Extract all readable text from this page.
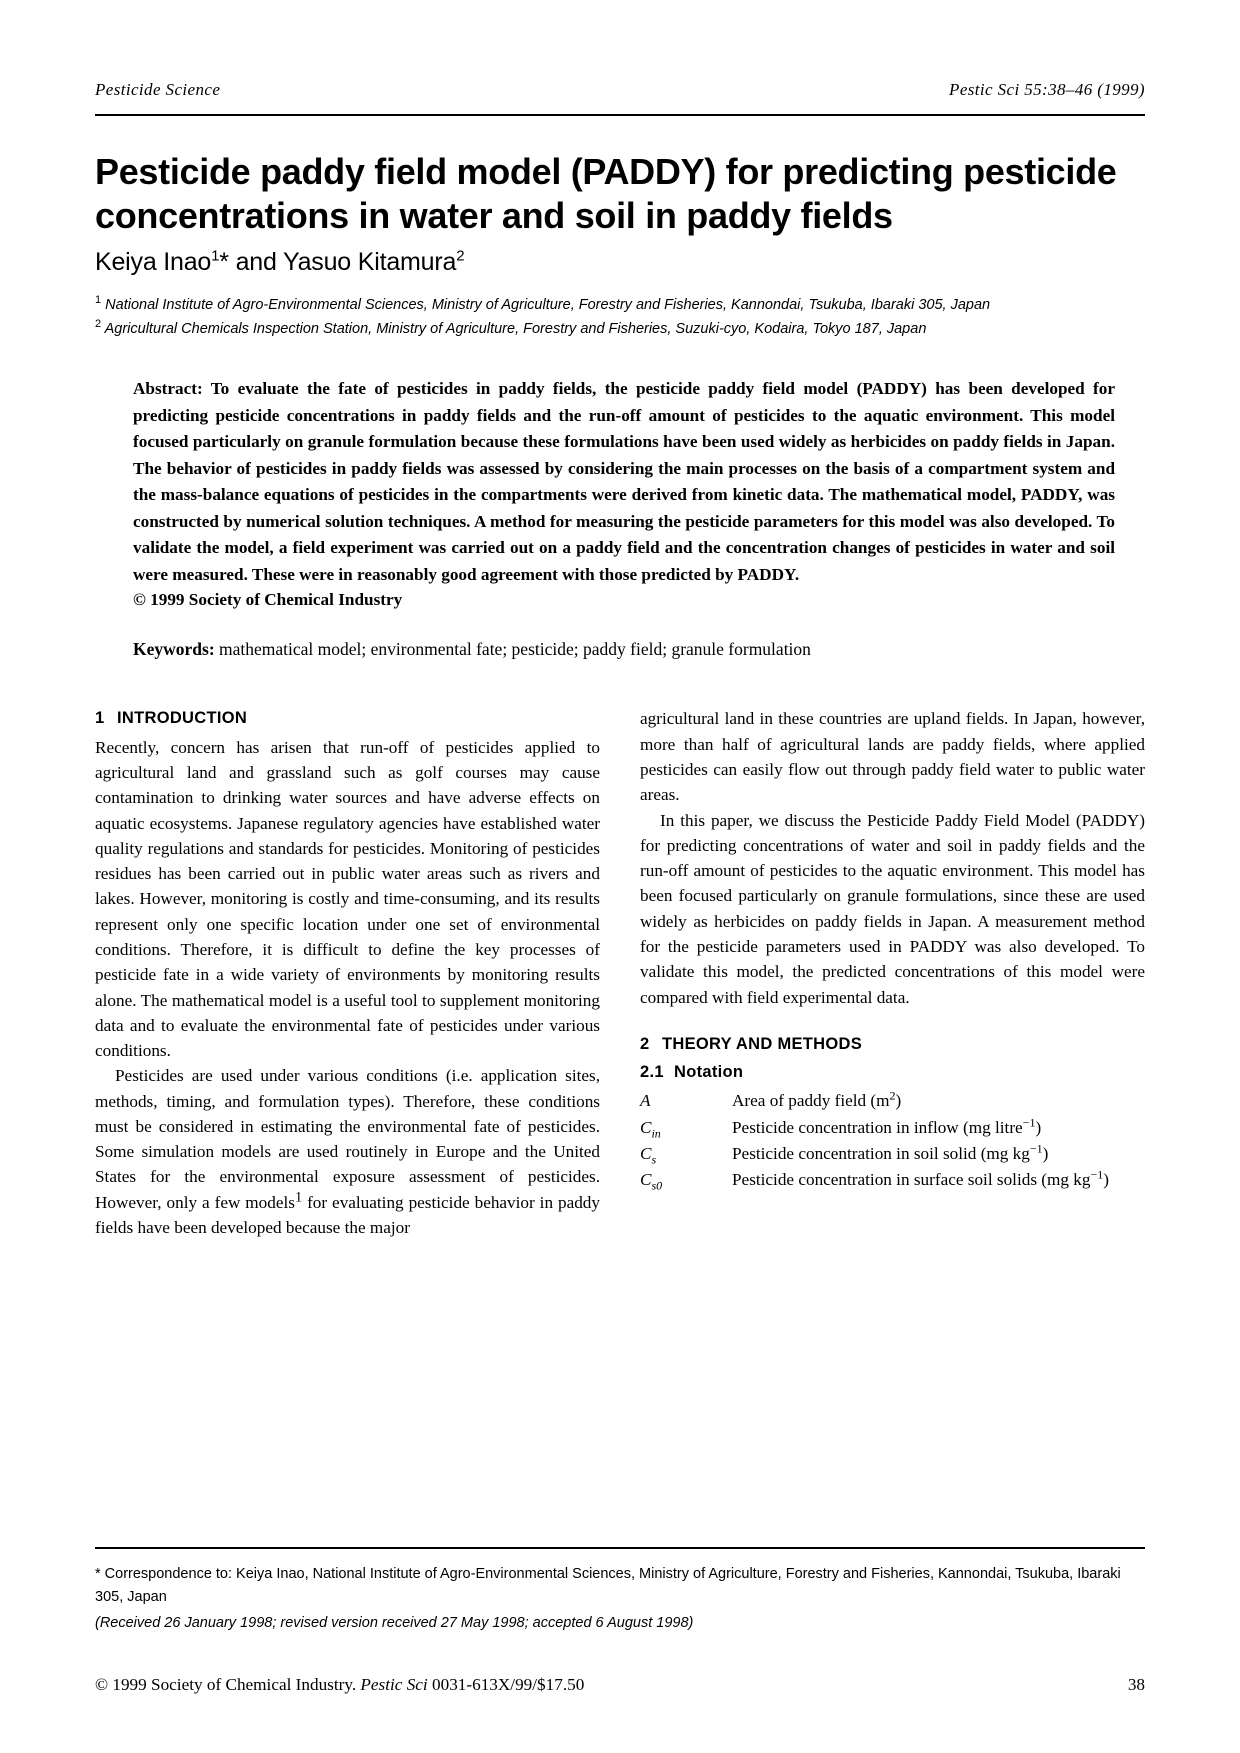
Pesticide Science	Pestic Sci 55:38–46 (1999)
Pesticide paddy field model (PADDY) for predicting pesticide concentrations in water and soil in paddy fields
Keiya Inao$^1$* and Yasuo Kitamura$^2$
$^1$ National Institute of Agro-Environmental Sciences, Ministry of Agriculture, Forestry and Fisheries, Kannondai, Tsukuba, Ibaraki 305, Japan
$^2$ Agricultural Chemicals Inspection Station, Ministry of Agriculture, Forestry and Fisheries, Suzuki-cyo, Kodaira, Tokyo 187, Japan
Abstract: To evaluate the fate of pesticides in paddy fields, the pesticide paddy field model (PADDY) has been developed for predicting pesticide concentrations in paddy fields and the run-off amount of pesticides to the aquatic environment. This model focused particularly on granule formulation because these formulations have been used widely as herbicides on paddy fields in Japan. The behavior of pesticides in paddy fields was assessed by considering the main processes on the basis of a compartment system and the mass-balance equations of pesticides in the compartments were derived from kinetic data. The mathematical model, PADDY, was constructed by numerical solution techniques. A method for measuring the pesticide parameters for this model was also developed. To validate the model, a field experiment was carried out on a paddy field and the concentration changes of pesticides in water and soil were measured. These were in reasonably good agreement with those predicted by PADDY.
© 1999 Society of Chemical Industry
Keywords: mathematical model; environmental fate; pesticide; paddy field; granule formulation
1 INTRODUCTION

Recently, concern has arisen that run-off of pesticides applied to agricultural land and grassland such as golf courses may cause contamination to drinking water sources and have adverse effects on aquatic ecosystems. Japanese regulatory agencies have established water quality regulations and standards for pesticides. Monitoring of pesticides residues has been carried out in public water areas such as rivers and lakes. However, monitoring is costly and time-consuming, and its results represent only one specific location under one set of environmental conditions. Therefore, it is difficult to define the key processes of pesticide fate in a wide variety of environments by monitoring results alone. The mathematical model is a useful tool to supplement monitoring data and to evaluate the environmental fate of pesticides under various conditions.

Pesticides are used under various conditions (i.e. application sites, methods, timing, and formulation types). Therefore, these conditions must be considered in estimating the environmental fate of pesticides. Some simulation models are used routinely in Europe and the United States for the environmental exposure assessment of pesticides. However, only a few models$^1$ for evaluating pesticide behavior in paddy fields have been developed because the major

agricultural land in these countries are upland fields. In Japan, however, more than half of agricultural lands are paddy fields, where applied pesticides can easily flow out through paddy field water to public water areas.

In this paper, we discuss the Pesticide Paddy Field Model (PADDY) for predicting concentrations of water and soil in paddy fields and the run-off amount of pesticides to the aquatic environment. This model has been focused particularly on granule formulations, since these are used widely as herbicides on paddy fields in Japan. A measurement method for the pesticide parameters used in PADDY was also developed. To validate this model, the predicted concentrations of this model were compared with field experimental data.

2 THEORY AND METHODS
2.1 Notation
A	Area of paddy field $(m^2)$
$C_{in}$	Pesticide concentration in inflow (mg litre$^{-1}$)
$C_s$	Pesticide concentration in soil solid (mg $kg^{-1}$)
$C_{s0}$	Pesticide concentration in surface soil solids (mg $kg^{-1}$)
* Correspondence to: Keiya Inao, National Institute of Agro-Environmental Sciences, Ministry of Agriculture, Forestry and Fisheries, Kannondai, Tsukuba, Ibaraki 305, Japan
(Received 26 January 1998; revised version received 27 May 1998; accepted 6 August 1998)
© 1999 Society of Chemical Industry. Pestic Sci 0031-613X/99/$17.50	38
